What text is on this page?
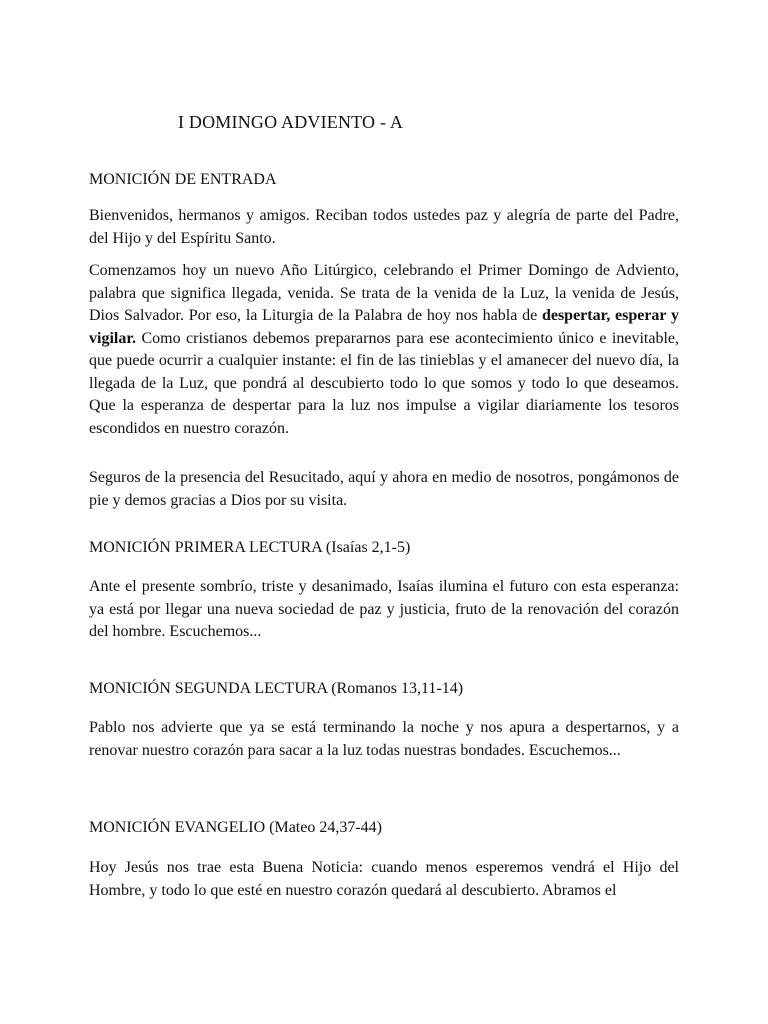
I DOMINGO ADVIENTO - A
MONICIÓN DE ENTRADA

Bienvenidos, hermanos y amigos. Reciban todos ustedes paz y alegría de parte del Padre, del Hijo y del Espíritu Santo.

Comenzamos hoy un nuevo Año Litúrgico, celebrando el Primer Domingo de Adviento, palabra que significa llegada, venida. Se trata de la venida de la Luz, la venida de Jesús, Dios Salvador. Por eso, la Liturgia de la Palabra de hoy nos habla de despertar, esperar y vigilar. Como cristianos debemos prepararnos para ese acontecimiento único e inevitable, que puede ocurrir a cualquier instante: el fin de las tinieblas y el amanecer del nuevo día, la llegada de la Luz, que pondrá al descubierto todo lo que somos y todo lo que deseamos. Que la esperanza de despertar para la luz nos impulse a vigilar diariamente los tesoros escondidos en nuestro corazón.

Seguros de la presencia del Resucitado, aquí y ahora en medio de nosotros, pongámonos de pie y demos gracias a Dios por su visita.

MONICIÓN PRIMERA LECTURA (Isaías 2,1-5)

Ante el presente sombrío, triste y desanimado, Isaías ilumina el futuro con esta esperanza: ya está por llegar una nueva sociedad de paz y justicia, fruto de la renovación del corazón del hombre. Escuchemos...

MONICIÓN SEGUNDA LECTURA (Romanos 13,11-14)

Pablo nos advierte que ya se está terminando la noche y nos apura a despertarnos, y a renovar nuestro corazón para sacar a la luz todas nuestras bondades. Escuchemos...

MONICIÓN EVANGELIO (Mateo 24,37-44)

Hoy Jesús nos trae esta Buena Noticia: cuando menos esperemos vendrá el Hijo del Hombre, y todo lo que esté en nuestro corazón quedará al descubierto. Abramos el
